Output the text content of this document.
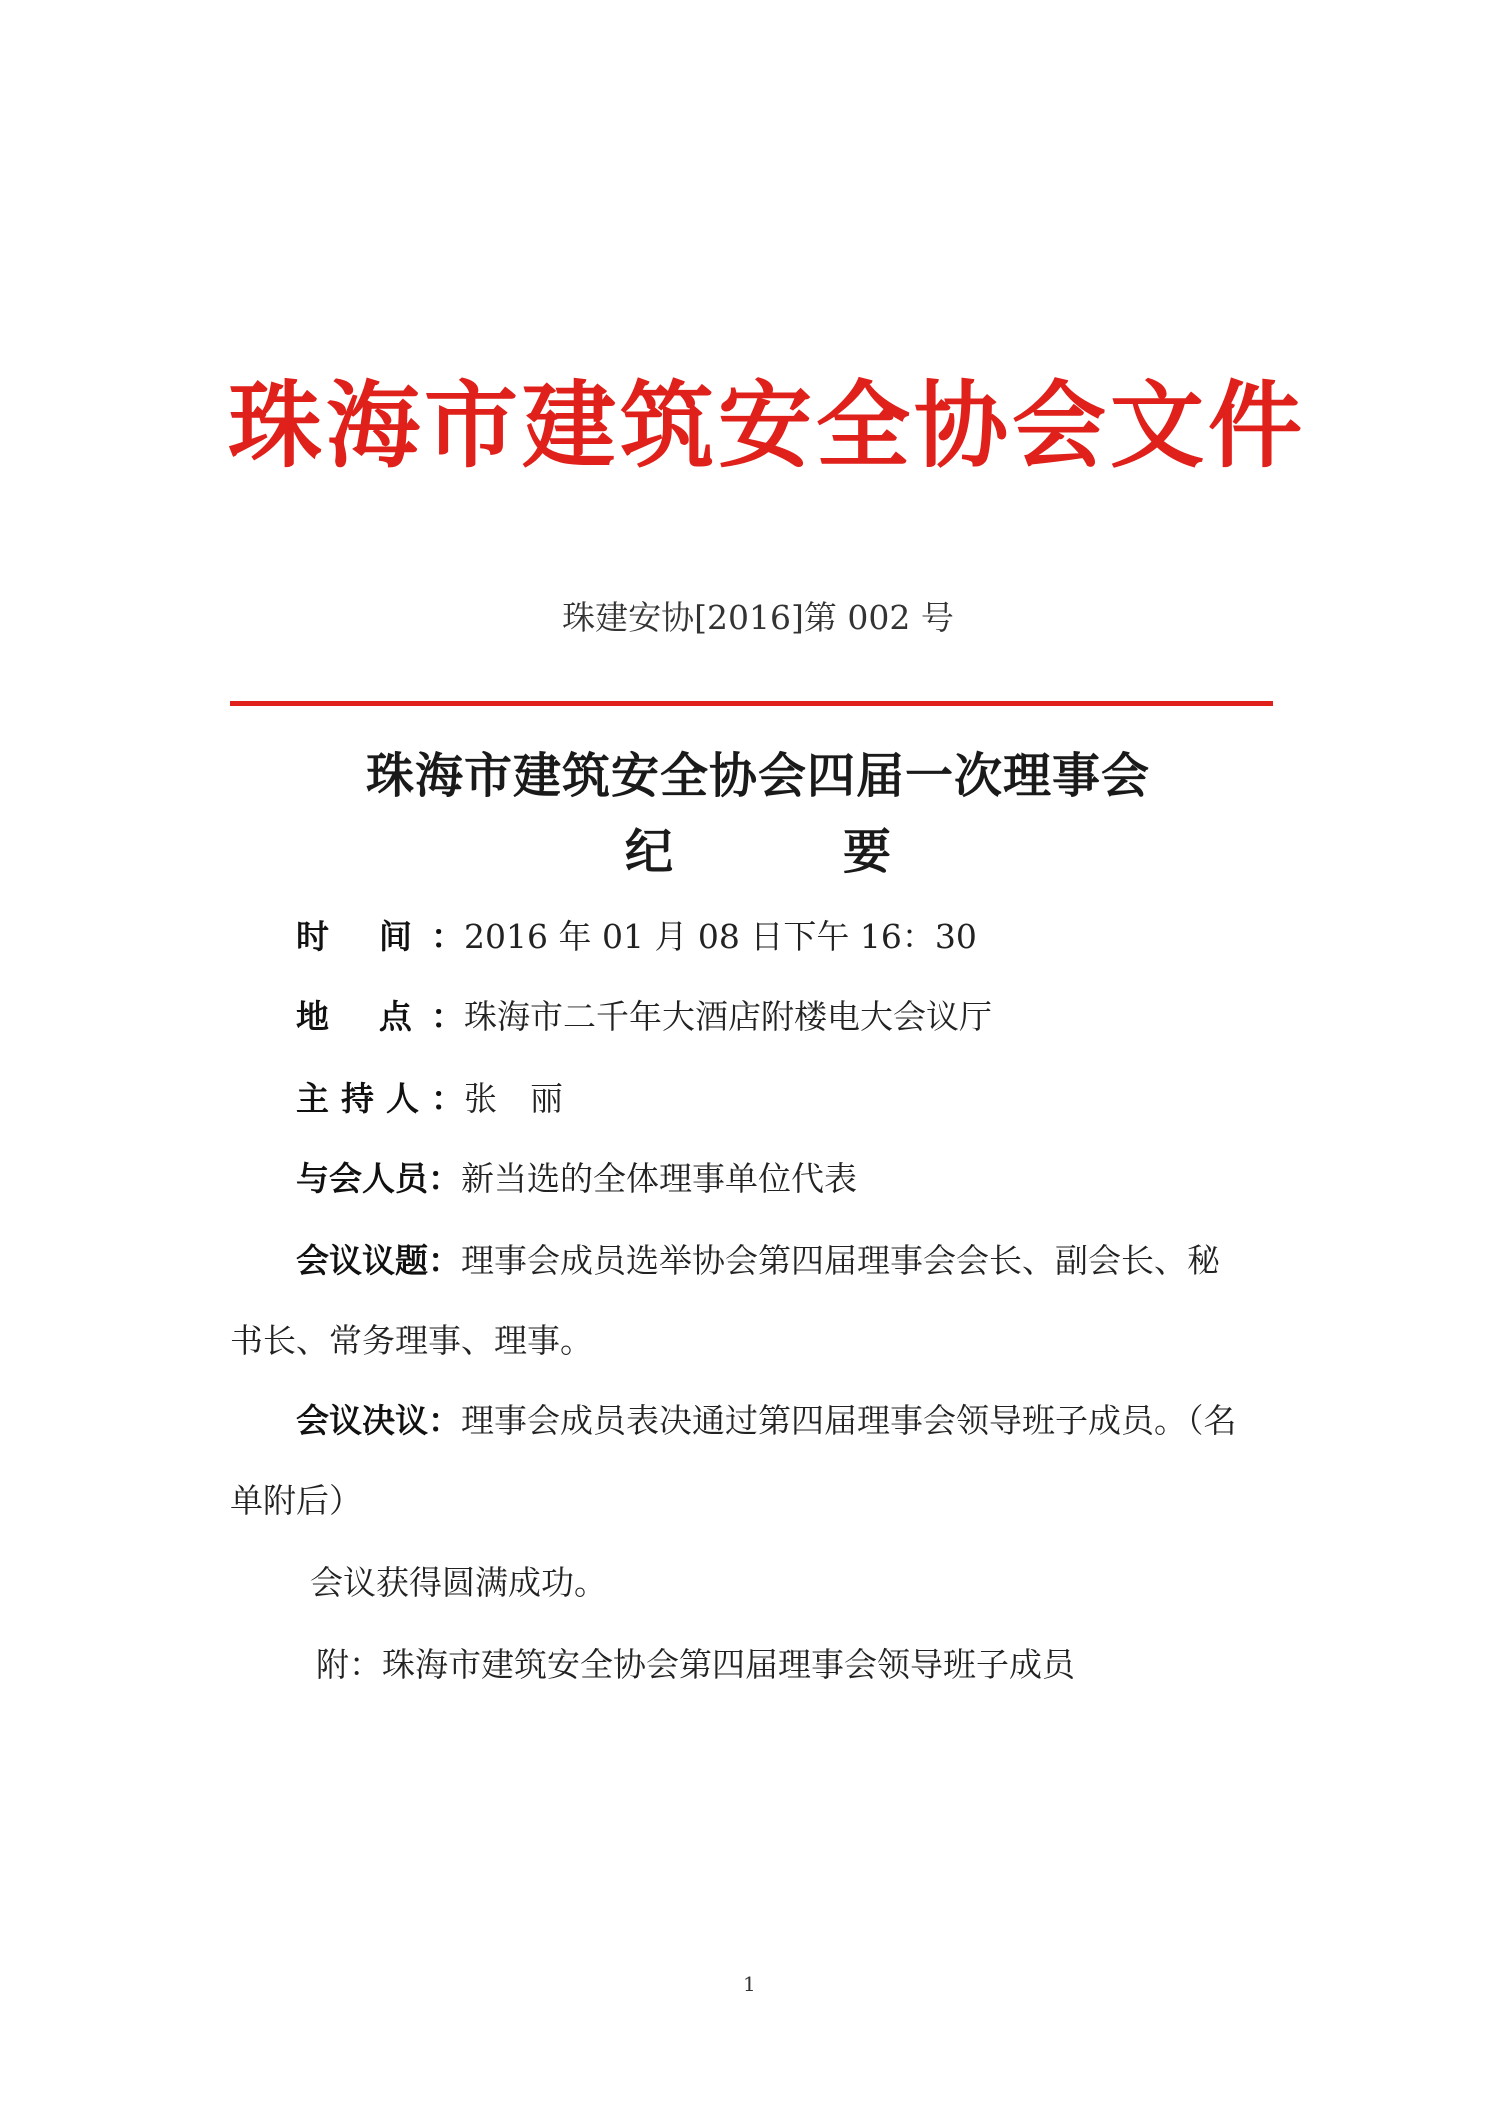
珠海市建筑安全协会文件
珠建安协[2016]第 002 号
珠海市建筑安全协会四届一次理事会
纪	要
时 间：2016 年 01 月 08 日下午 16：30
地 点：珠海市二千年大酒店附楼电大会议厅
主持人：张　丽
与会人员：新当选的全体理事单位代表
会议议题：理事会成员选举协会第四届理事会会长、副会长、秘
书长、常务理事、理事。
会议决议：理事会成员表决通过第四届理事会领导班子成员。（名
单附后）
会议获得圆满成功。
附：珠海市建筑安全协会第四届理事会领导班子成员
1
